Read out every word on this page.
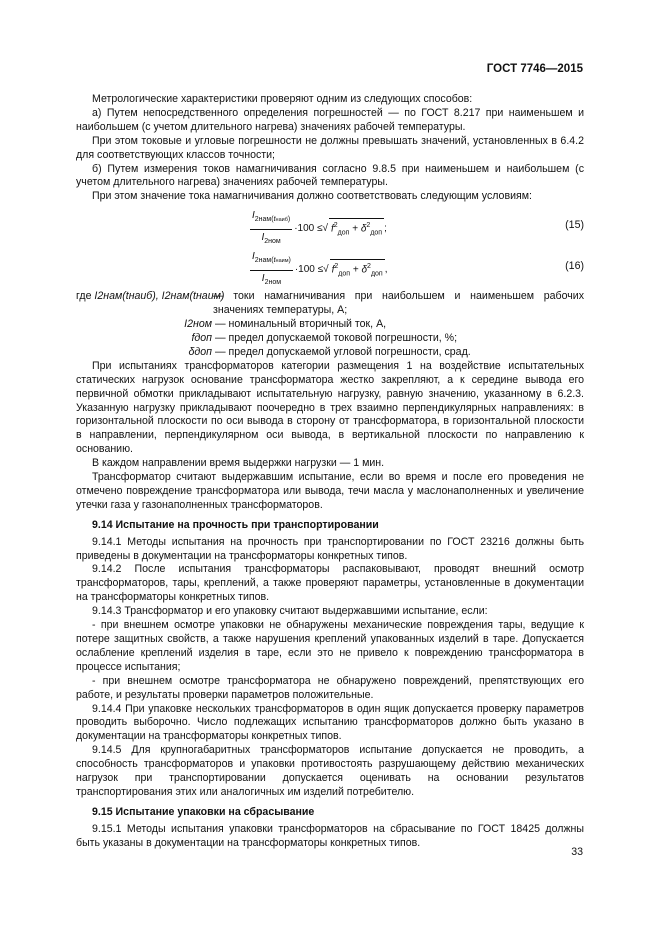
ГОСТ 7746—2015

Метрологические характеристики проверяют одним из следующих способов:

а) Путем непосредственного определения погрешностей — по ГОСТ 8.217 при наименьшем и наибольшем (с учетом длительного нагрева) значениях рабочей температуры.

При этом токовые и угловые погрешности не должны превышать значений, установленных в 6.4.2 для соответствующих классов точности;

б) Путем измерения токов намагничивания согласно 9.8.5 при наименьшем и наибольшем (с учетом длительного нагрева) значениях рабочей температуры.

При этом значение тока намагничивания должно соответствовать следующим условиям:

$\frac{I_{2нам(tнаиб)}}{I_{2ном}} \cdot 100$ ≤ √ $f^2_{доп} + \delta^2_{доп}$ ;	(15)
$\frac{I_{2нам(tнаим)}}{I_{2ном}} \cdot 100$ ≤ √ $f^2_{доп} + \delta^2_{доп}$ ,	(16)
где I2нам(tнаиб), I2нам(tнаим)
— токи намагничивания при наибольшем и наименьшем рабочих значениях температуры, А;
I2ном — номинальный вторичный ток, А,
fдоп — предел допускаемой токовой погрешности, %;
δдоп — предел допускаемой угловой погрешности, срад.

При испытаниях трансформаторов категории размещения 1 на воздействие испытательных статических нагрузок основание трансформатора жестко закрепляют, а к середине вывода его первичной обмотки прикладывают испытательную нагрузку, равную значению, указанному в 6.2.3. Указанную нагрузку прикладывают поочередно в трех взаимно перпендикулярных направлениях: в горизонтальной плоскости по оси вывода в сторону от трансформатора, в горизонтальной плоскости в направлении, перпендикулярном оси вывода, в вертикальной плоскости по направлению к основанию.

В каждом направлении время выдержки нагрузки — 1 мин.

Трансформатор считают выдержавшим испытание, если во время и после его проведения не отмечено повреждение трансформатора или вывода, течи масла у маслонаполненных и увеличение утечки газа у газонаполненных трансформаторов.

9.14 Испытание на прочность при транспортировании

9.14.1 Методы испытания на прочность при транспортировании по ГОСТ 23216 должны быть приведены в документации на трансформаторы конкретных типов.

9.14.2 После испытания трансформаторы распаковывают, проводят внешний осмотр трансформаторов, тары, креплений, а также проверяют параметры, установленные в документации на трансформаторы конкретных типов.

9.14.3 Трансформатор и его упаковку считают выдержавшими испытание, если:

- при внешнем осмотре упаковки не обнаружены механические повреждения тары, ведущие к потере защитных свойств, а также нарушения креплений упакованных изделий в таре. Допускается ослабление креплений изделия в таре, если это не привело к повреждению трансформатора в процессе испытания;

- при внешнем осмотре трансформатора не обнаружено повреждений, препятствующих его работе, и результаты проверки параметров положительные.

9.14.4 При упаковке нескольких трансформаторов в один ящик допускается проверку параметров проводить выборочно. Число подлежащих испытанию трансформаторов должно быть указано в документации на трансформаторы конкретных типов.

9.14.5 Для крупногабаритных трансформаторов испытание допускается не проводить, а способность трансформаторов и упаковки противостоять разрушающему действию механических нагрузок при транспортировании допускается оценивать на основании результатов транспортирования этих или аналогичных им изделий потребителю.

9.15 Испытание упаковки на сбрасывание

9.15.1 Методы испытания упаковки трансформаторов на сбрасывание по ГОСТ 18425 должны быть указаны в документации на трансформаторы конкретных типов.

33
